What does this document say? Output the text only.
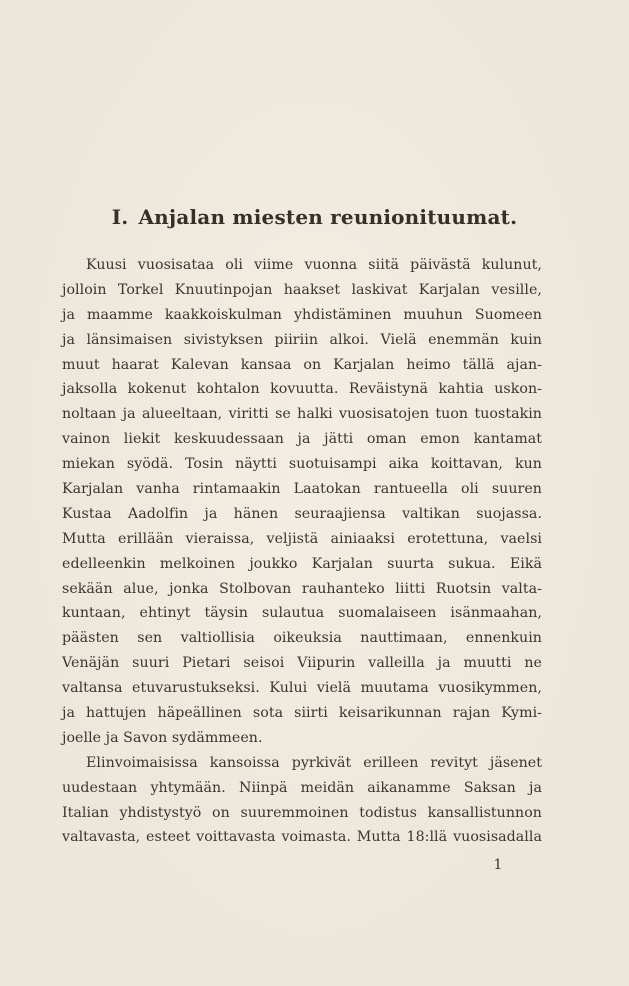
I. Anjalan miesten reunionituumat.
Kuusi vuosisataa oli viime vuonna siitä päivästä kulunut,
jolloin Torkel Knuutinpojan haakset laskivat Karjalan vesille,
ja maamme kaakkoiskulman yhdistäminen muuhun Suomeen
ja länsimaisen sivistyksen piiriin alkoi. Vielä enemmän kuin
muut haarat Kalevan kansaa on Karjalan heimo tällä ajan-
jaksolla kokenut kohtalon kovuutta. Reväistynä kahtia uskon-
noltaan ja alueeltaan, viritti se halki vuosisatojen tuon tuostakin
vainon liekit keskuudessaan ja jätti oman emon kantamat
miekan syödä. Tosin näytti suotuisampi aika koittavan, kun
Karjalan vanha rintamaakin Laatokan rantueella oli suuren
Kustaa Aadolfin ja hänen seuraajiensa valtikan suojassa.
Mutta erillään vieraissa, veljistä ainiaaksi erotettuna, vaelsi
edelleenkin melkoinen joukko Karjalan suurta sukua. Eikä
sekään alue, jonka Stolbovan rauhanteko liitti Ruotsin valta-
kuntaan, ehtinyt täysin sulautua suomalaiseen isänmaahan,
päästen sen valtiollisia oikeuksia nauttimaan, ennenkuin
Venäjän suuri Pietari seisoi Viipurin valleilla ja muutti ne
valtansa etuvarustukseksi. Kului vielä muutama vuosikymmen,
ja hattujen häpeällinen sota siirti keisarikunnan rajan Kymi-
joelle ja Savon sydämmeen.
Elinvoimaisissa kansoissa pyrkivät erilleen revityt jäsenet
uudestaan yhtymään. Niinpä meidän aikanamme Saksan ja
Italian yhdistystyö on suuremmoinen todistus kansallistunnon
valtavasta, esteet voittavasta voimasta. Mutta 18:llä vuosisadalla
1
